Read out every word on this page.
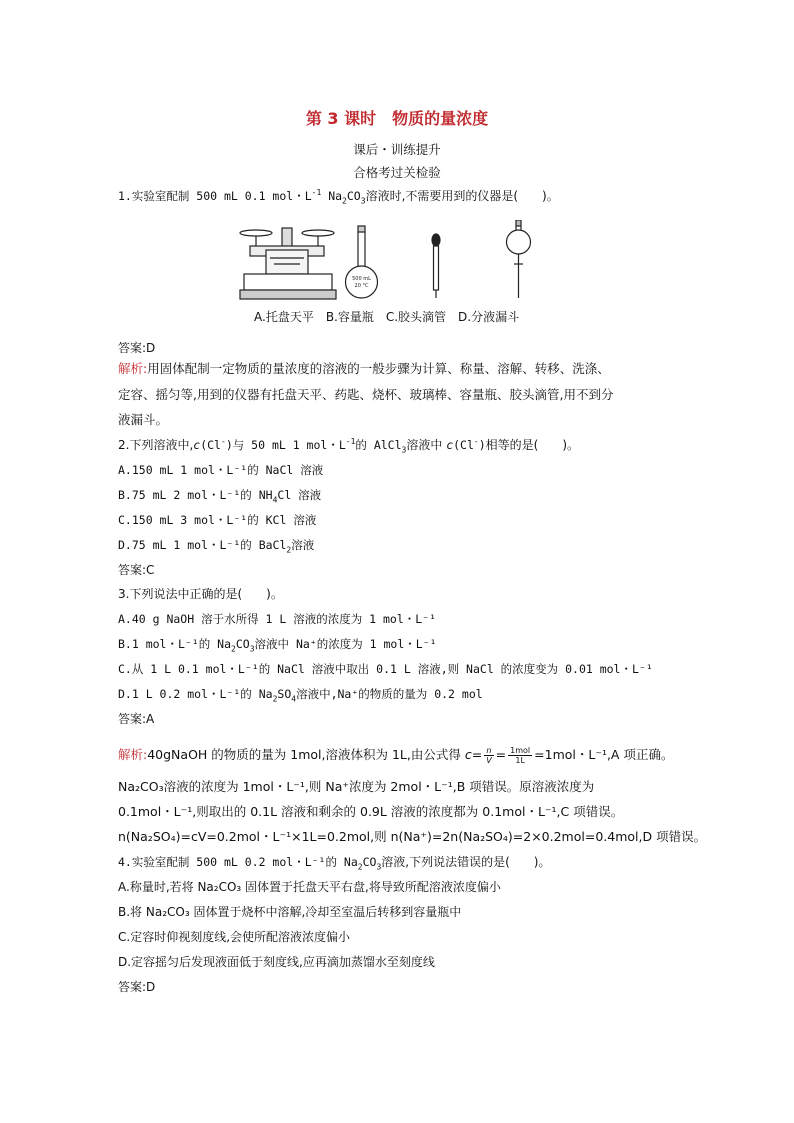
第 3 课时　物质的量浓度
课后・训练提升
合格考过关检验
1.实验室配制 500 mL 0.1 mol・$L^{-1}$ $Na_2CO_3$溶液时,不需要用到的仪器是(　　)。
500 mL
20 °C
A.托盘天平　B.容量瓶　C.胶头滴管　D.分液漏斗
答案:D
解析:用固体配制一定物质的量浓度的溶液的一般步骤为计算、称量、溶解、转移、洗涤、
定容、摇匀等,用到的仪器有托盘天平、药匙、烧杯、玻璃棒、容量瓶、胶头滴管,用不到分
液漏斗。
2.下列溶液中,c(Cl-)与 50 mL 1 mol・$L^{-1}$的 AlCl$_3$溶液中 c(Cl-)相等的是(　　)。
A.150 mL 1 mol・L⁻¹的 NaCl 溶液
B.75 mL 2 mol・L⁻¹的 $NH_4Cl$ 溶液
C.150 mL 3 mol・L⁻¹的 KCl 溶液
D.75 mL 1 mol・L⁻¹的 BaCl$_2$溶液
答案:C
3.下列说法中正确的是(　　)。
A.40 g NaOH 溶于水所得 1 L 溶液的浓度为 1 mol・L⁻¹
B.1 mol・L⁻¹的 $Na_2CO_3$溶液中 Na⁺的浓度为 1 mol・L⁻¹
C.从 1 L 0.1 mol・L⁻¹的 NaCl 溶液中取出 0.1 L 溶液,则 NaCl 的浓度变为 0.01 mol・L⁻¹
D.1 L 0.2 mol・L⁻¹的 $Na_2SO_4$溶液中,Na⁺的物质的量为 0.2 mol
答案:A
解析:40gNaOH 的物质的量为 1mol,溶液体积为 1L,由公式得 $c= \frac{n}{V} = \frac{\text{1mol}}{1L} =1mol$・L⁻¹,A 项正确。
Na₂CO₃溶液的浓度为 1mol・L⁻¹,则 Na⁺浓度为 2mol・L⁻¹,B 项错误。原溶液浓度为
0.1mol・L⁻¹,则取出的 0.1L 溶液和剩余的 0.9L 溶液的浓度都为 0.1mol・L⁻¹,C 项错误。
n(Na₂SO₄)=cV=0.2mol・L⁻¹×1L=0.2mol,则 n(Na⁺)=2n(Na₂SO₄)=2×0.2mol=0.4mol,D 项错误。
4.实验室配制 500 mL 0.2 mol・L⁻¹的 $Na_2CO_3$溶液,下列说法错误的是(　　)。
A.称量时,若将 Na₂CO₃ 固体置于托盘天平右盘,将导致所配溶液浓度偏小
B.将 Na₂CO₃ 固体置于烧杯中溶解,冷却至室温后转移到容量瓶中
C.定容时仰视刻度线,会使所配溶液浓度偏小
D.定容摇匀后发现液面低于刻度线,应再滴加蒸馏水至刻度线
答案:D
